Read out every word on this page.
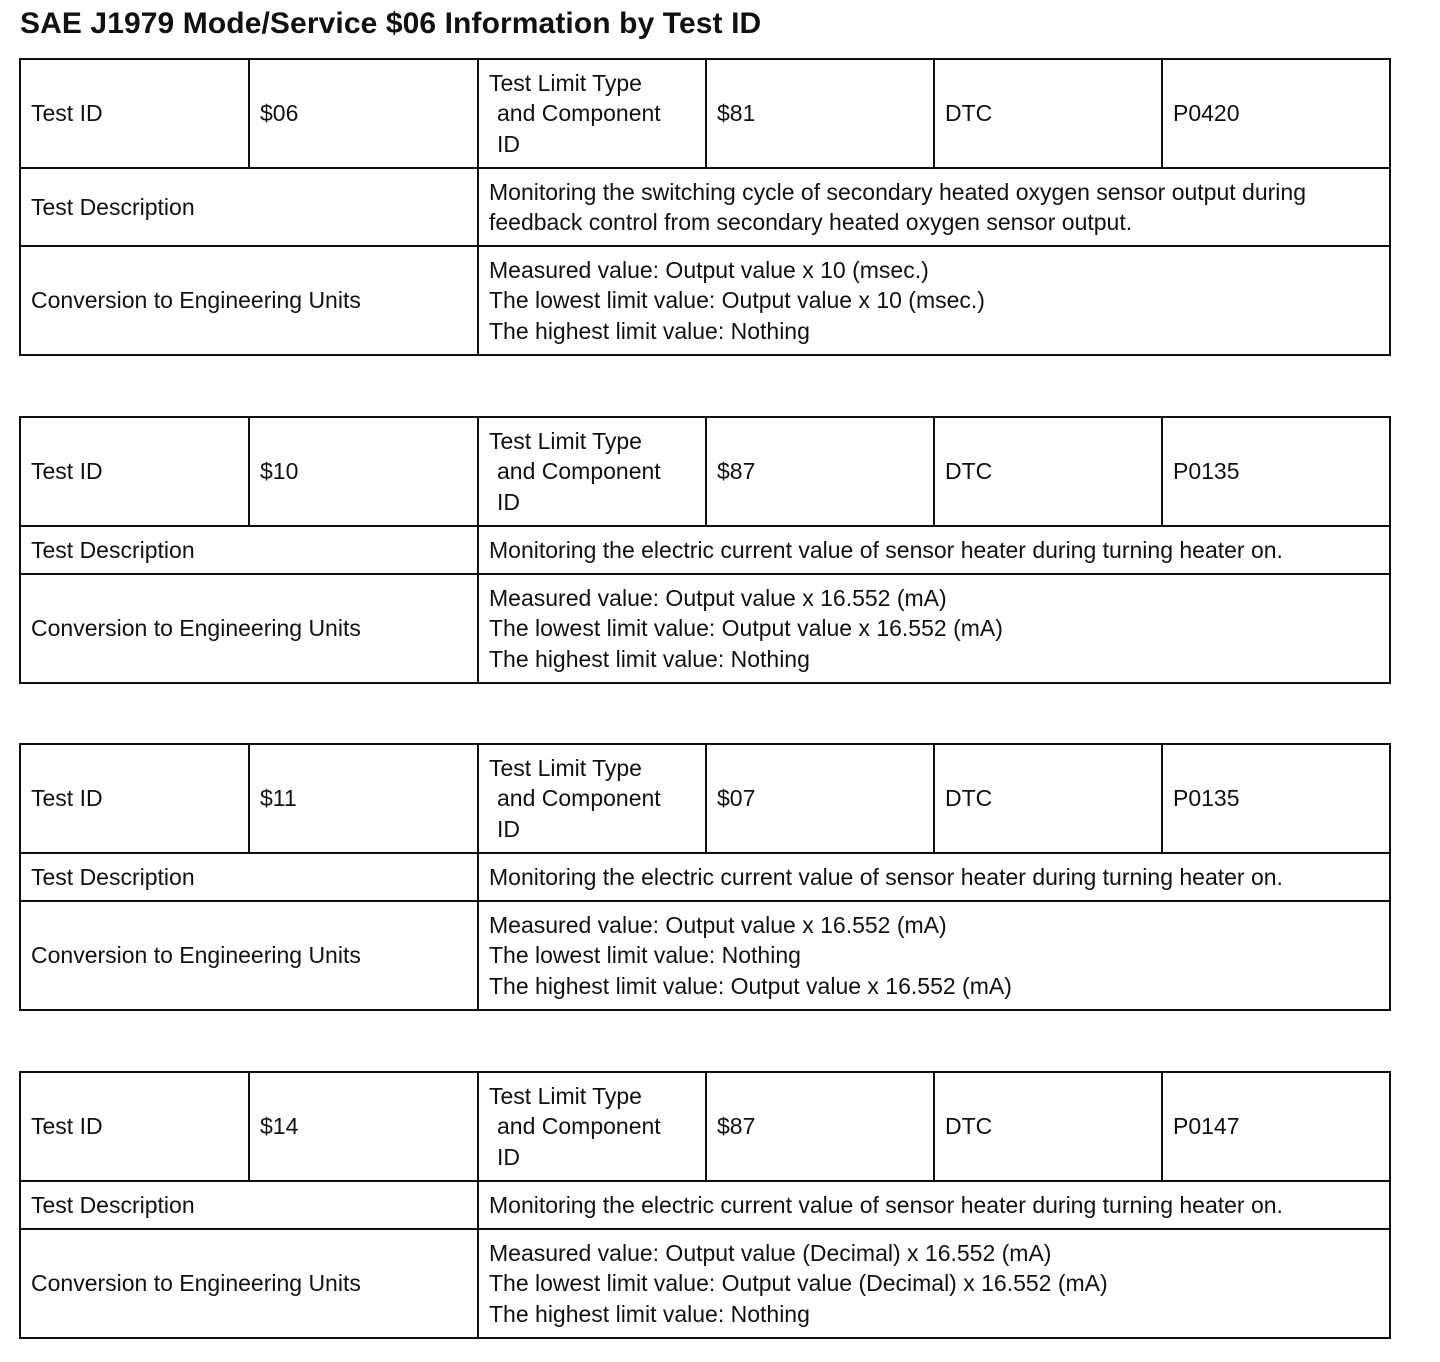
SAE J1979 Mode/Service $06 Information by Test ID
Test ID	$06	Test Limit Type
and Component
ID	$81	DTC	P0420
Test Description		Monitoring the switching cycle of secondary heated oxygen sensor output during feedback control from secondary heated oxygen sensor output.			
Conversion to Engineering Units		Measured value: Output value x 10 (msec.)
The lowest limit value: Output value x 10 (msec.)
The highest limit value: Nothing			
Test ID	$10	Test Limit Type
and Component
ID	$87	DTC	P0135
Test Description		Monitoring the electric current value of sensor heater during turning heater on.			
Conversion to Engineering Units		Measured value: Output value x 16.552 (mA)
The lowest limit value: Output value x 16.552 (mA)
The highest limit value: Nothing			
Test ID	$11	Test Limit Type
and Component
ID	$07	DTC	P0135
Test Description		Monitoring the electric current value of sensor heater during turning heater on.			
Conversion to Engineering Units		Measured value: Output value x 16.552 (mA)
The lowest limit value: Nothing
The highest limit value: Output value x 16.552 (mA)			
Test ID	$14	Test Limit Type
and Component
ID	$87	DTC	P0147
Test Description		Monitoring the electric current value of sensor heater during turning heater on.			
Conversion to Engineering Units		Measured value: Output value (Decimal) x 16.552 (mA)
The lowest limit value: Output value (Decimal) x 16.552 (mA)
The highest limit value: Nothing			
